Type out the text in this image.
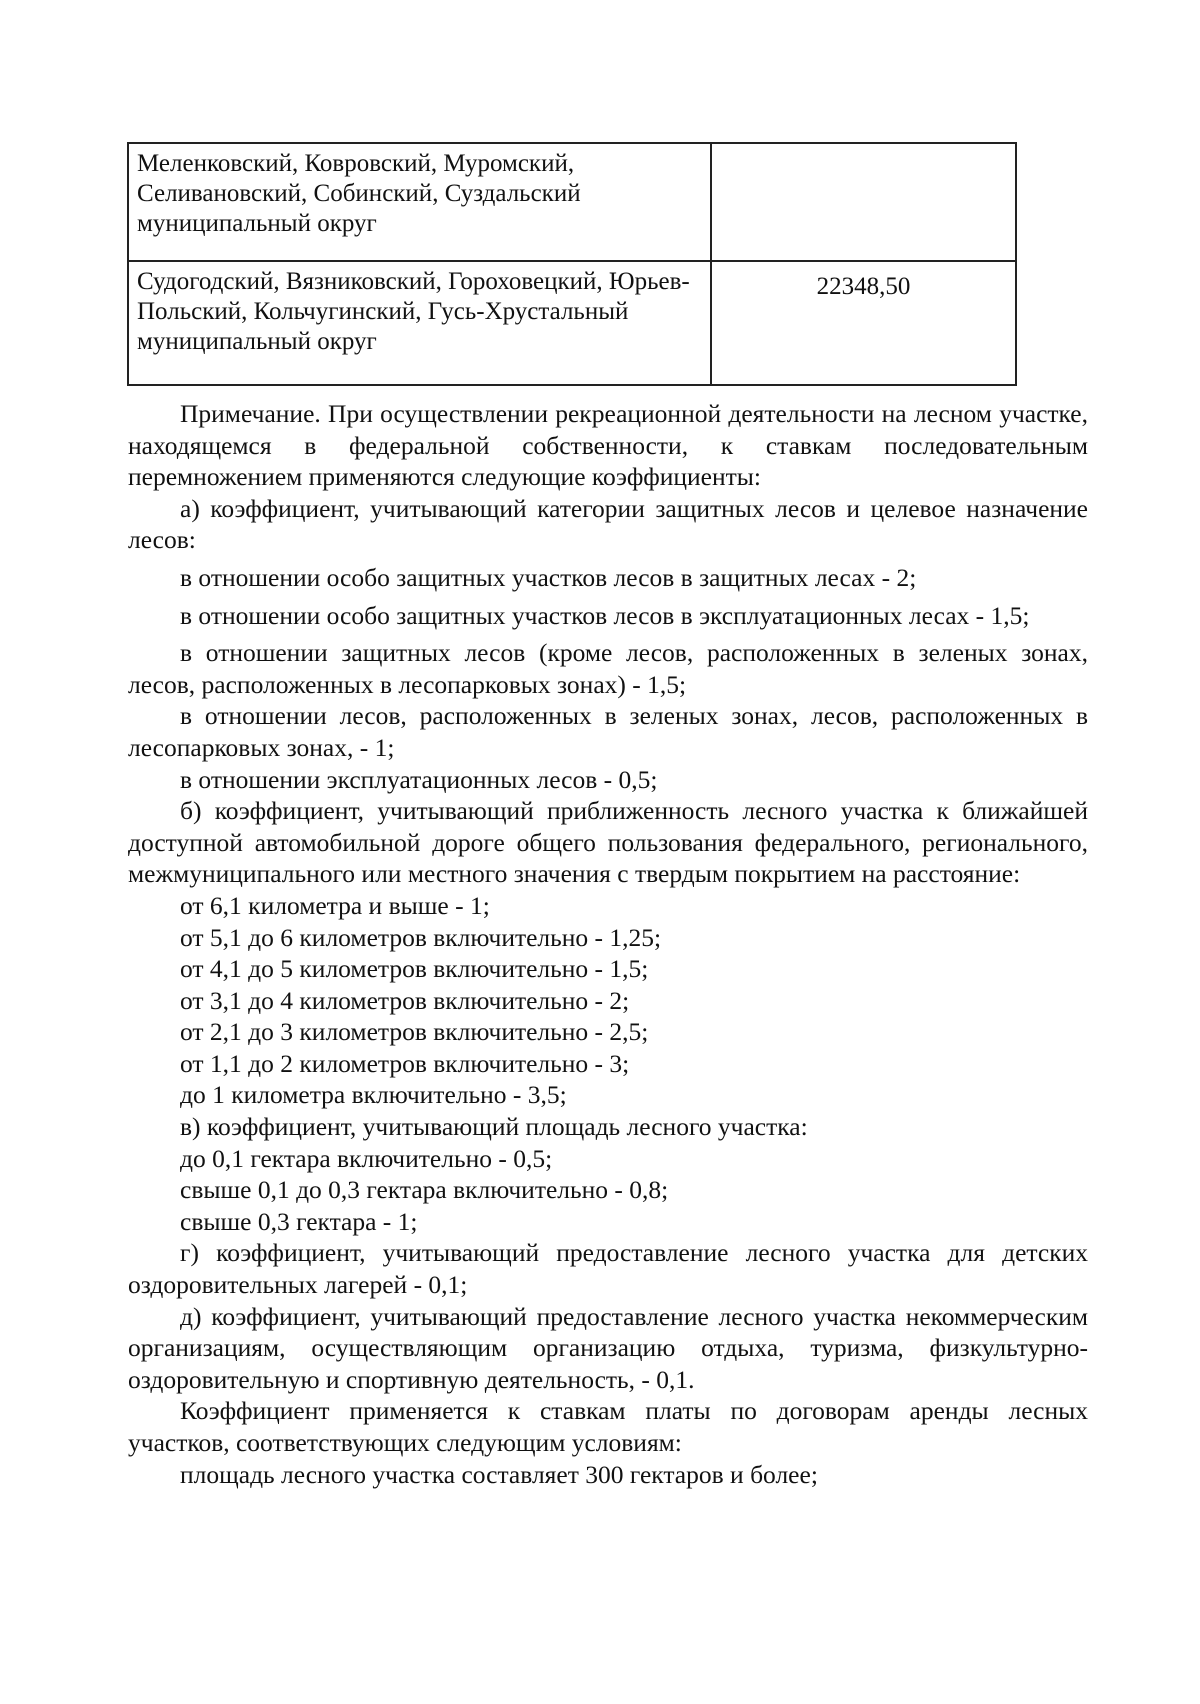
Меленковский, Ковровский, Муромский, Селивановский, Собинский, Суздальский муниципальный округ	
Судогодский, Вязниковский, Гороховецкий, Юрьев-Польский, Кольчугинский, Гусь-Хрустальный муниципальный округ	22348,50

Примечание. При осуществлении рекреационной деятельности на лесном участке, находящемся в федеральной собственности, к ставкам последовательным перемножением применяются следующие коэффициенты:

а) коэффициент, учитывающий категории защитных лесов и целевое назначение лесов:

в отношении особо защитных участков лесов в защитных лесах - 2;

в отношении особо защитных участков лесов в эксплуатационных лесах - 1,5;

в отношении защитных лесов (кроме лесов, расположенных в зеленых зонах, лесов, расположенных в лесопарковых зонах) - 1,5;

в отношении лесов, расположенных в зеленых зонах, лесов, расположенных в лесопарковых зонах, - 1;

в отношении эксплуатационных лесов - 0,5;

б) коэффициент, учитывающий приближенность лесного участка к ближайшей доступной автомобильной дороге общего пользования федерального, регионального, межмуниципального или местного значения с твердым покрытием на расстояние:

от 6,1 километра и выше - 1;

от 5,1 до 6 километров включительно - 1,25;

от 4,1 до 5 километров включительно - 1,5;

от 3,1 до 4 километров включительно - 2;

от 2,1 до 3 километров включительно - 2,5;

от 1,1 до 2 километров включительно - 3;

до 1 километра включительно - 3,5;

в) коэффициент, учитывающий площадь лесного участка:

до 0,1 гектара включительно - 0,5;

свыше 0,1 до 0,3 гектара включительно - 0,8;

свыше 0,3 гектара - 1;

г) коэффициент, учитывающий предоставление лесного участка для детских оздоровительных лагерей - 0,1;

д) коэффициент, учитывающий предоставление лесного участка некоммерческим организациям, осуществляющим организацию отдыха, туризма, физкультурно-оздоровительную и спортивную деятельность, - 0,1.

Коэффициент применяется к ставкам платы по договорам аренды лесных участков, соответствующих следующим условиям:

площадь лесного участка составляет 300 гектаров и более;
